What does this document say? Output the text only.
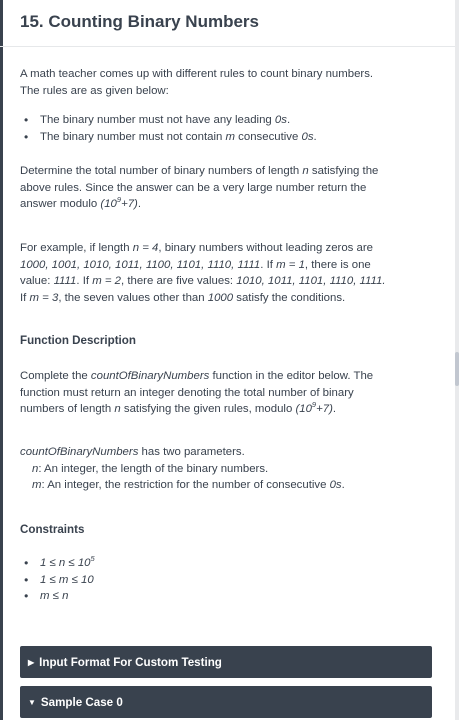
15. Counting Binary Numbers
A math teacher comes up with different rules to count binary numbers.
The rules are as given below:
• The binary number must not have any leading 0s.
• The binary number must not contain m consecutive 0s.
Determine the total number of binary numbers of length n satisfying the
above rules. Since the answer can be a very large number return the
answer modulo $(10^9+7)$.
For example, if length n = 4, binary numbers without leading zeros are
1000, 1001, 1010, 1011, 1100, 1101, 1110, 1111. If m = 1, there is one
value: 1111. If m = 2, there are five values: 1010, 1011, 1101, 1110, 1111.
If m = 3, the seven values other than 1000 satisfy the conditions.
Function Description
Complete the countOfBinaryNumbers function in the editor below. The
function must return an integer denoting the total number of binary
numbers of length n satisfying the given rules, modulo $(10^9+7)$.
countOfBinaryNumbers has two parameters.
n: An integer, the length of the binary numbers.
m: An integer, the restriction for the number of consecutive 0s.
Constraints
• $1 \le n \le 10^5$
• 1 ≤ m ≤ 10
• m ≤ n
▶ Input Format For Custom Testing
▼ Sample Case 0
